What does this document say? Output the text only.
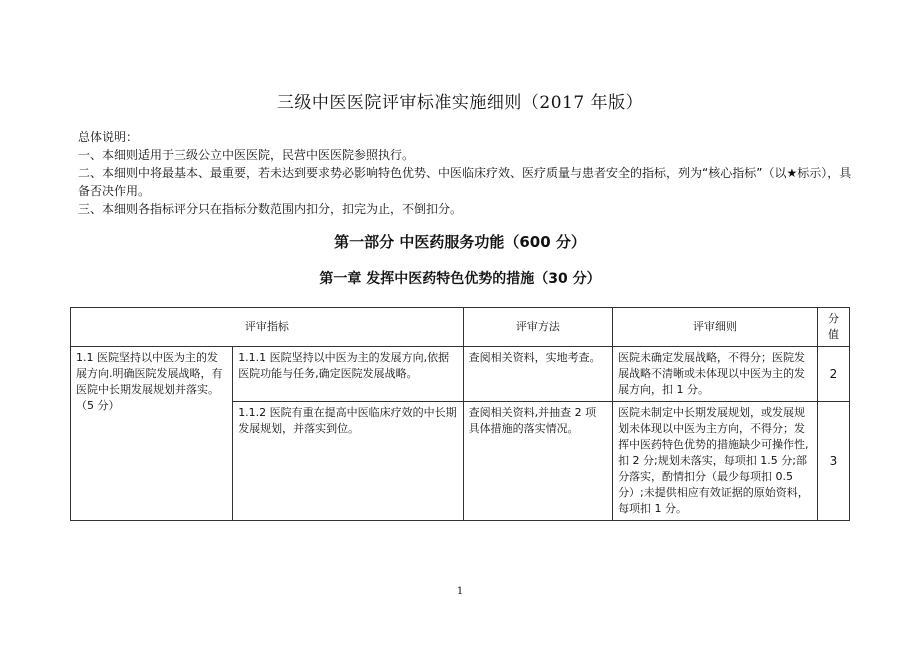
三级中医医院评审标准实施细则（2017 年版）

总体说明：

一、本细则适用于三级公立中医医院，民营中医医院参照执行。

二、本细则中将最基本、最重要，若未达到要求势必影响特色优势、中医临床疗效、医疗质量与患者安全的指标，列为“核心指标”（以★标示），具备否决作用。

三、本细则各指标评分只在指标分数范围内扣分，扣完为止，不倒扣分。

第一部分 中医药服务功能（600 分）
第一章 发挥中医药特色优势的措施（30 分）
评审指标		评审方法	评审细则	分值
1.1 医院坚持以中医为主的发展方向.明确医院发展战略，有医院中长期发展规划并落实。（5 分）	1.1.1 医院坚持以中医为主的发展方向,依据医院功能与任务,确定医院发展战略。	查阅相关资料，实地考查。	医院未确定发展战略，不得分；医院发展战略不清晰或未体现以中医为主的发展方向，扣 1 分。	2
	1.1.2 医院有重在提高中医临床疗效的中长期发展规划，并落实到位。	查阅相关资料,并抽查 2 项具体措施的落实情况。	医院未制定中长期发展规划，或发展规划未体现以中医为主方向，不得分；发挥中医药特色优势的措施缺少可操作性,扣 2 分;规划未落实，每项扣 1.5 分;部分落实，酌情扣分（最少每项扣 0.5 分）;未提供相应有效证据的原始资料，每项扣 1 分。	3
1
